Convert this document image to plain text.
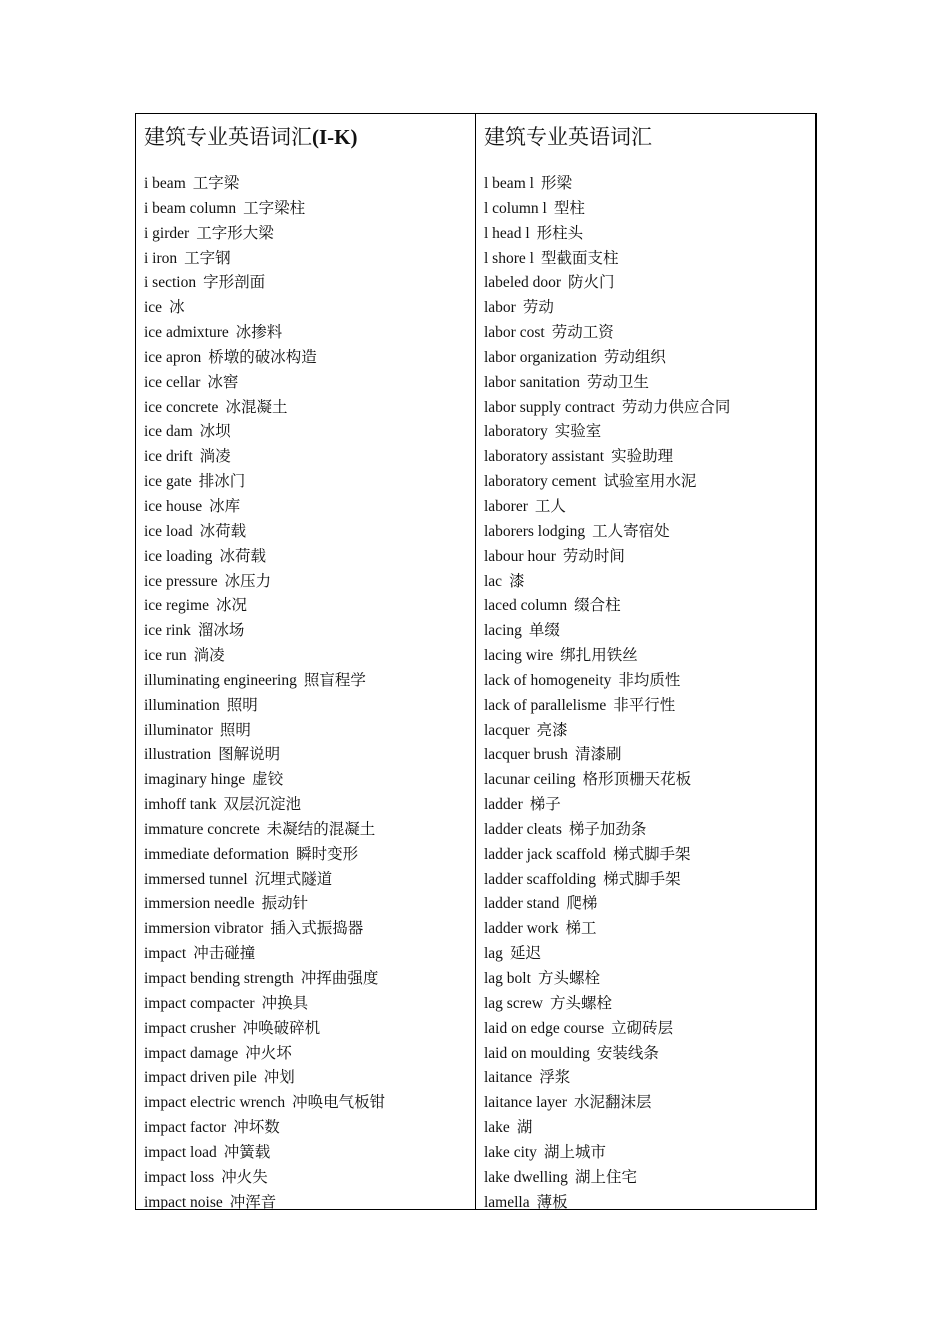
建筑专业英语词汇(I-K)
i beam 工字梁
i beam column 工字梁柱
i girder 工字形大梁
i iron 工字钢
i section 字形剖面
ice 冰
ice admixture 冰掺料
ice apron 桥墩的破冰构造
ice cellar 冰窖
ice concrete 冰混凝土
ice dam 冰坝
ice drift 淌凌
ice gate 排冰门
ice house 冰库
ice load 冰荷载
ice loading 冰荷载
ice pressure 冰压力
ice regime 冰况
ice rink 溜冰场
ice run 淌凌
illuminating engineering 照盲程学
illumination 照明
illuminator 照明
illustration 图解说明
imaginary hinge 虚铰
imhoff tank 双层沉淀池
immature concrete 未凝结的混凝土
immediate deformation 瞬时变形
immersed tunnel 沉埋式隧道
immersion needle 振动针
immersion vibrator 插入式振捣器
impact 冲击碰撞
impact bending strength 冲挥曲强度
impact compacter 冲换具
impact crusher 冲唤破碎机
impact damage 冲火坏
impact driven pile 冲划
impact electric wrench 冲唤电气板钳
impact factor 冲坏数
impact load 冲簧载
impact loss 冲火失
impact noise 冲浑音
建筑专业英语词汇
l beam l 形梁
l column l 型柱
l head l 形柱头
l shore l 型截面支柱
labeled door 防火门
labor 劳动
labor cost 劳动工资
labor organization 劳动组织
labor sanitation 劳动卫生
labor supply contract 劳动力供应合同
laboratory 实验室
laboratory assistant 实验助理
laboratory cement 试验室用水泥
laborer 工人
laborers lodging 工人寄宿处
labour hour 劳动时间
lac 漆
laced column 缀合柱
lacing 单缀
lacing wire 绑扎用铁丝
lack of homogeneity 非均质性
lack of parallelisme 非平行性
lacquer 亮漆
lacquer brush 清漆刷
lacunar ceiling 格形顶栅天花板
ladder 梯子
ladder cleats 梯子加劲条
ladder jack scaffold 梯式脚手架
ladder scaffolding 梯式脚手架
ladder stand 爬梯
ladder work 梯工
lag 延迟
lag bolt 方头螺栓
lag screw 方头螺栓
laid on edge course 立砌砖层
laid on moulding 安装线条
laitance 浮浆
laitance layer 水泥翻沫层
lake 湖
lake city 湖上城市
lake dwelling 湖上住宅
lamella 薄板
